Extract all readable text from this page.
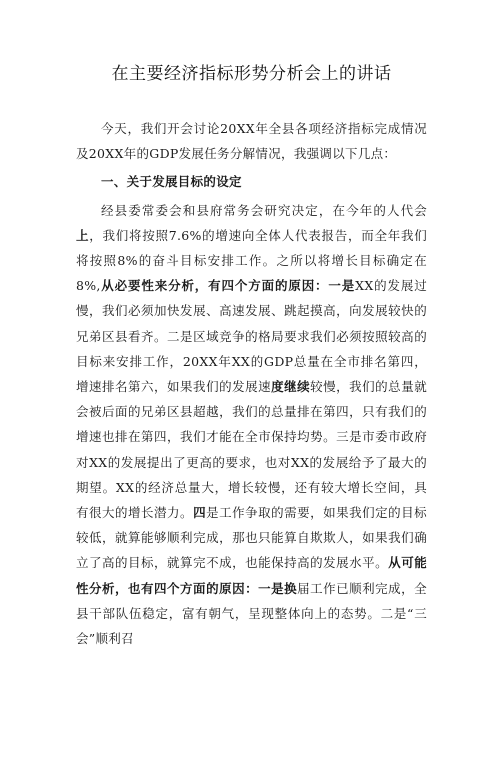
在主要经济指标形势分析会上的讲话

今天，我们开会讨论20XX年全县各项经济指标完成情况及20XX年的GDP发展任务分解情况，我强调以下几点：

一、关于发展目标的设定

经县委常委会和县府常务会研究决定，在今年的人代会上，我们将按照7.6%的增速向全体人代表报告，而全年我们将按照8%的奋斗目标安排工作。之所以将增长目标确定在8%,从必要性来分析，有四个方面的原因：一是XX的发展过慢，我们必须加快发展、高速发展、跳起摸高，向发展较快的兄弟区县看齐。二是区域竞争的格局要求我们必须按照较高的目标来安排工作，20XX年XX的GDP总量在全市排名第四，增速排名第六，如果我们的发展速度继续较慢，我们的总量就会被后面的兄弟区县超越，我们的总量排在第四，只有我们的增速也排在第四，我们才能在全市保持均势。三是市委市政府对XX的发展提出了更高的要求，也对XX的发展给予了最大的期望。XX的经济总量大，增长较慢，还有较大增长空间，具有很大的增长潜力。四是工作争取的需要，如果我们定的目标较低，就算能够顺利完成，那也只能算自欺欺人，如果我们确立了高的目标，就算完不成，也能保持高的发展水平。从可能性分析，也有四个方面的原因：一是换届工作已顺利完成，全县干部队伍稳定，富有朝气，呈现整体向上的态势。二是“三会”顺利召
